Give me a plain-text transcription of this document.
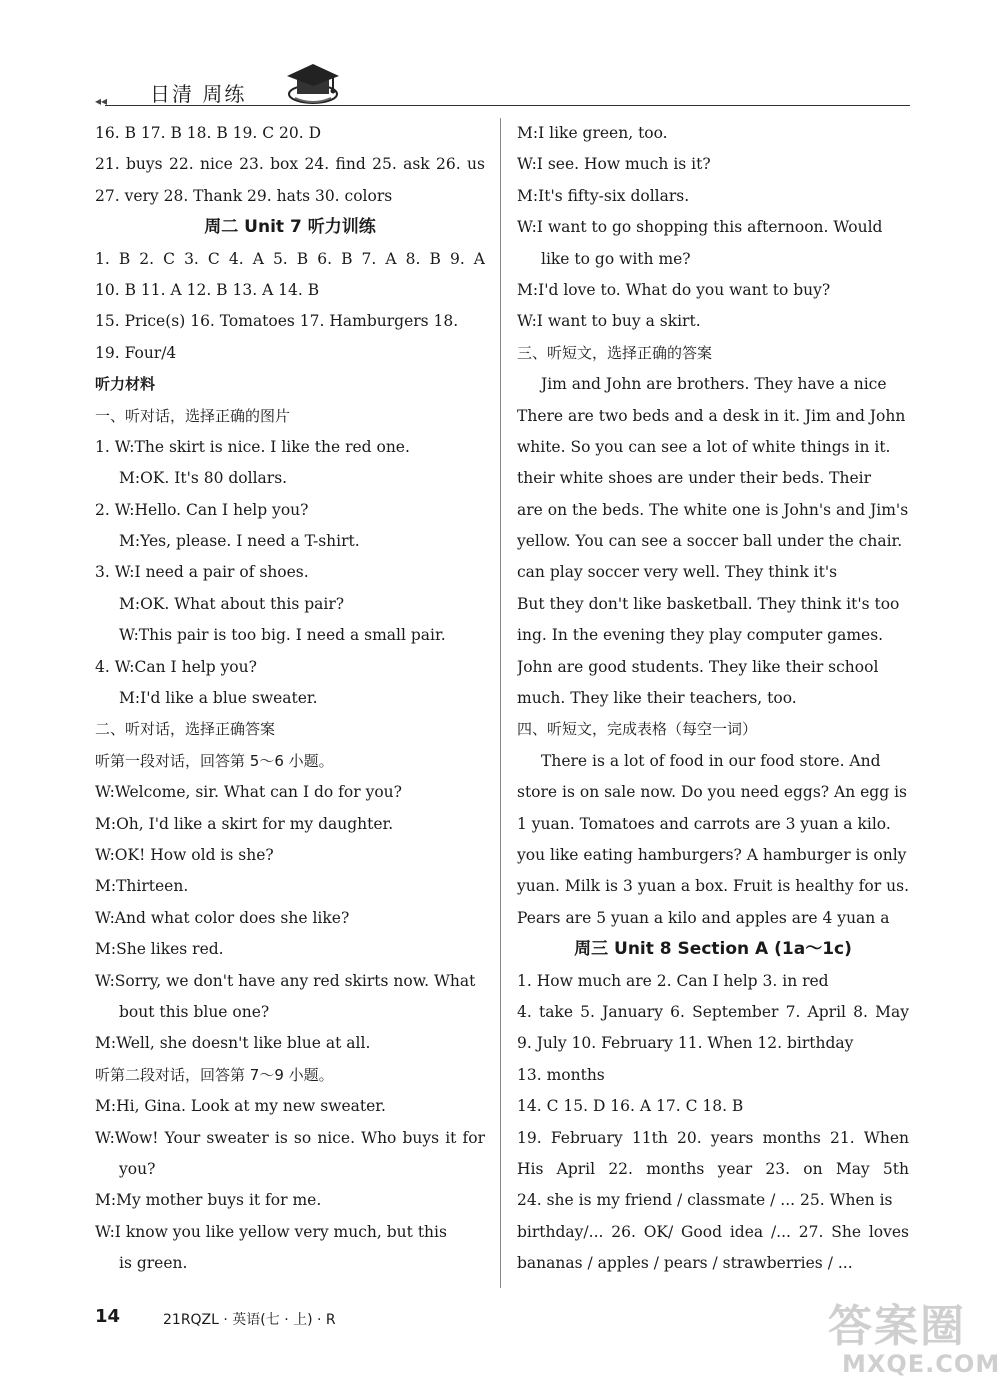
◂◂ 日清 周练
16. B 17. B 18. B 19. C 20. D
21. buys 22. nice 23. box 24. find 25. ask 26. us
27. very 28. Thank 29. hats 30. colors
周二 Unit 7 听力训练
1. B 2. C 3. C 4. A 5. B 6. B 7. A 8. B 9. A
10. B 11. A 12. B 13. A 14. B
15. Price(s) 16. Tomatoes 17. Hamburgers 18.
19. Four/4
听力材料
一、听对话，选择正确的图片
1. W:The skirt is nice. I like the red one.
M:OK. It's 80 dollars.
2. W:Hello. Can I help you?
M:Yes, please. I need a T-shirt.
3. W:I need a pair of shoes.
M:OK. What about this pair?
W:This pair is too big. I need a small pair.
4. W:Can I help you?
M:I'd like a blue sweater.
二、听对话，选择正确答案
听第一段对话，回答第 5～6 小题。
W:Welcome, sir. What can I do for you?
M:Oh, I'd like a skirt for my daughter.
W:OK! How old is she?
M:Thirteen.
W:And what color does she like?
M:She likes red.
W:Sorry, we don't have any red skirts now. What
bout this blue one?
M:Well, she doesn't like blue at all.
听第二段对话，回答第 7～9 小题。
M:Hi, Gina. Look at my new sweater.
W:Wow! Your sweater is so nice. Who buys it for
you?
M:My mother buys it for me.
W:I know you like yellow very much, but this
is green.
M:I like green, too.
W:I see. How much is it?
M:It's fifty-six dollars.
W:I want to go shopping this afternoon. Would
like to go with me?
M:I'd love to. What do you want to buy?
W:I want to buy a skirt.
三、听短文，选择正确的答案
Jim and John are brothers. They have a nice
There are two beds and a desk in it. Jim and John
white. So you can see a lot of white things in it.
their white shoes are under their beds. Their
are on the beds. The white one is John's and Jim's
yellow. You can see a soccer ball under the chair.
can play soccer very well. They think it's
But they don't like basketball. They think it's too
ing. In the evening they play computer games.
John are good students. They like their school
much. They like their teachers, too.
四、听短文，完成表格（每空一词）
There is a lot of food in our food store. And
store is on sale now. Do you need eggs? An egg is
1 yuan. Tomatoes and carrots are 3 yuan a kilo.
you like eating hamburgers? A hamburger is only
yuan. Milk is 3 yuan a box. Fruit is healthy for us.
Pears are 5 yuan a kilo and apples are 4 yuan a
周三 Unit 8 Section A (1a～1c)
1. How much are 2. Can I help 3. in red
4. take 5. January 6. September 7. April 8. May
9. July 10. February 11. When 12. birthday
13. months
14. C 15. D 16. A 17. C 18. B
19. February 11th 20. years months 21. When
His April 22. months year 23. on May 5th
24. she is my friend / classmate / ... 25. When is
birthday/... 26. OK/ Good idea /... 27. She loves
bananas / apples / pears / strawberries / ...
14	21RQZL · 英语(七 · 上) · R	答案圈
MXQE.COM
